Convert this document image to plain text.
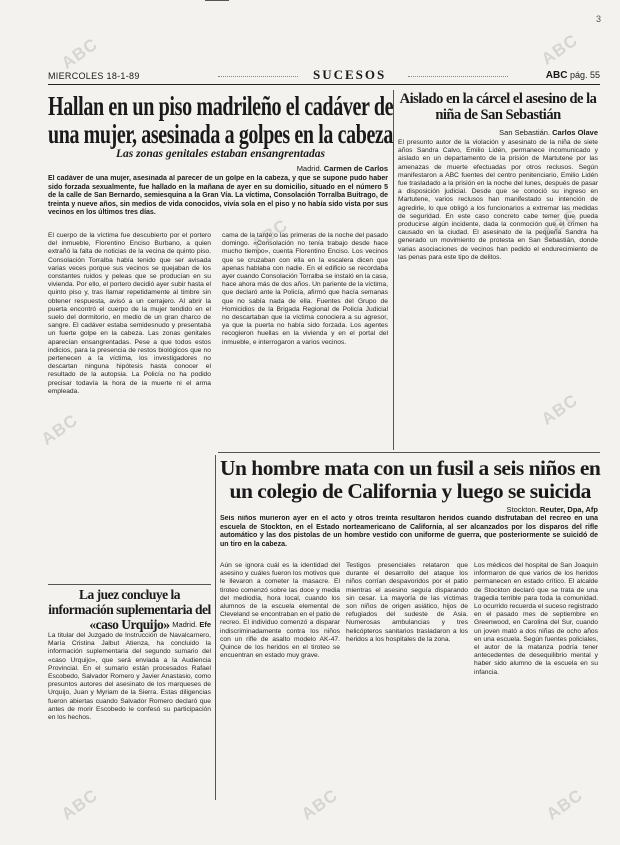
3
MIERCOLES 18-1-89	SUCESOS	ABC pág. 55
Hallan en un piso madrileño el cadáver de
una mujer, asesinada a golpes en la cabeza
Las zonas genitales estaban ensangrentadas
Madrid. Carmen de Carlos
El cadáver de una mujer, asesinada al parecer de un golpe en la cabeza, y que se supone pudo haber sido forzada sexualmente, fue hallado en la mañana de ayer en su domicilio, situado en el número 5 de la calle de San Bernardo, semiesquina a la Gran Vía. La víctima, Consolación Torralba Buitrago, de treinta y nueve años, sin medios de vida conocidos, vivía sola en el piso y no había sido vista por sus vecinos en los últimos tres días.
El cuerpo de la víctima fue descubierto por el portero del inmueble, Florentino Enciso Burbano, a quien extrañó la falta de noticias de la vecina de quinto piso. Consolación Torralba había tenido que ser avisada varias veces porque sus vecinos se quejaban de los constantes ruidos y peleas que se producían en su vivienda. Por ello, el portero decidió ayer subir hasta el quinto piso y, tras llamar repetidamente al timbre sin obtener respuesta, avisó a un cerrajero. Al abrir la puerta encontró el cuerpo de la mujer tendido en el suelo del dormitorio, en medio de un gran charco de sangre. El cadáver estaba semidesnudo y presentaba un fuerte golpe en la cabeza. Las zonas genitales aparecían ensangrentadas. Pese a que todos estos indicios, para la presencia de restos biológicos que no pertenecen a la víctima, los investigadores no descartan ninguna hipótesis hasta conocer el resultado de la autopsia. La Policía no ha podido precisar todavía la hora de la muerte ni el arma empleada.
cama de la tarde o las primeras de la noche del pasado domingo. «Consolación no tenía trabajo desde hace mucho tiempo», cuenta Florentino Enciso. Los vecinos que se cruzaban con ella en la escalera dicen que apenas hablaba con nadie. En el edificio se recordaba ayer cuando Consolación Torralba se instaló en la casa, hace ahora más de dos años. Un pariente de la víctima, que declaró ante la Policía, afirmó que hacía semanas que no sabía nada de ella. Fuentes del Grupo de Homicidios de la Brigada Regional de Policía Judicial no descartaban que la víctima conociera a su agresor, ya que la puerta no había sido forzada. Los agentes recogieron huellas en la vivienda y en el portal del inmueble, e interrogaron a varios vecinos.
Aislado en la cárcel el asesino de la niña de San Sebastián
San Sebastián. Carlos Olave
El presunto autor de la violación y asesinato de la niña de siete años Sandra Calvo, Emilio Lidén, permanece incomunicado y aislado en un departamento de la prisión de Martutene por las amenazas de muerte efectuadas por otros reclusos. Según manifestaron a ABC fuentes del centro penitenciario, Emilio Lidén fue trasladado a la prisión en la noche del lunes, después de pasar a disposición judicial. Desde que se conoció su ingreso en Martutene, varios reclusos han manifestado su intención de agredirle, lo que obligó a los funcionarios a extremar las medidas de seguridad. En este caso concreto cabe temer que pueda producirse algún incidente, dada la conmoción que el crimen ha causado en la ciudad. El asesinato de la pequeña Sandra ha generado un movimiento de protesta en San Sebastián, donde varias asociaciones de vecinos han pedido el endurecimiento de las penas para este tipo de delitos.
La juez concluye la información suplementaria del «caso Urquijo» Madrid. Efe
La titular del Juzgado de Instrucción de Navalcarnero, María Cristina Jalbut Atienza, ha concluido la información suplementaria del segundo sumario del «caso Urquijo», que será enviada a la Audiencia Provincial. En el sumario están procesados Rafael Escobedo, Salvador Romero y Javier Anastasio, como presuntos autores del asesinato de los marqueses de Urquijo, Juan y Myriam de la Sierra. Estas diligencias fueron abiertas cuando Salvador Romero declaró que antes de morir Escobedo le confesó su participación en los hechos.
Un hombre mata con un fusil a seis niños en
un colegio de California y luego se suicida
Stockton. Reuter, Dpa, Afp
Seis niños murieron ayer en el acto y otros treinta resultaron heridos cuando disfrutaban del recreo en una escuela de Stockton, en el Estado norteamericano de California, al ser alcanzados por los disparos del rifle automático y las dos pistolas de un hombre vestido con uniforme de guerra, que posteriormente se suicidó de un tiro en la cabeza.
Aún se ignora cuál es la identidad del asesino y cuáles fueron los motivos que le llevaron a cometer la masacre. El tiroteo comenzó sobre las doce y media del mediodía, hora local, cuando los alumnos de la escuela elemental de Cleveland se encontraban en el patio de recreo. El individuo comenzó a disparar indiscriminadamente contra los niños con un rifle de asalto modelo AK-47. Quince de los heridos en el tiroteo se encuentran en estado muy grave.
Testigos presenciales relataron que durante el desarrollo del ataque los niños corrían despavoridos por el patio mientras el asesino seguía disparando sin cesar. La mayoría de las víctimas son niños de origen asiático, hijos de refugiados del sudeste de Asia. Numerosas ambulancias y tres helicópteros sanitarios trasladaron a los heridos a los hospitales de la zona.
Los médicos del hospital de San Joaquín informaron de que varios de los heridos permanecen en estado crítico. El alcalde de Stockton declaró que se trata de una tragedia terrible para toda la comunidad. Lo ocurrido recuerda el suceso registrado en el pasado mes de septiembre en Greenwood, en Carolina del Sur, cuando un joven mató a dos niñas de ocho años en una escuela. Según fuentes policiales, el autor de la matanza podría tener antecedentes de desequilibrio mental y haber sido alumno de la escuela en su infancia.
ABC	ABC
ABC	ABC
ABC
ABC
ABC	ABC	ABC
